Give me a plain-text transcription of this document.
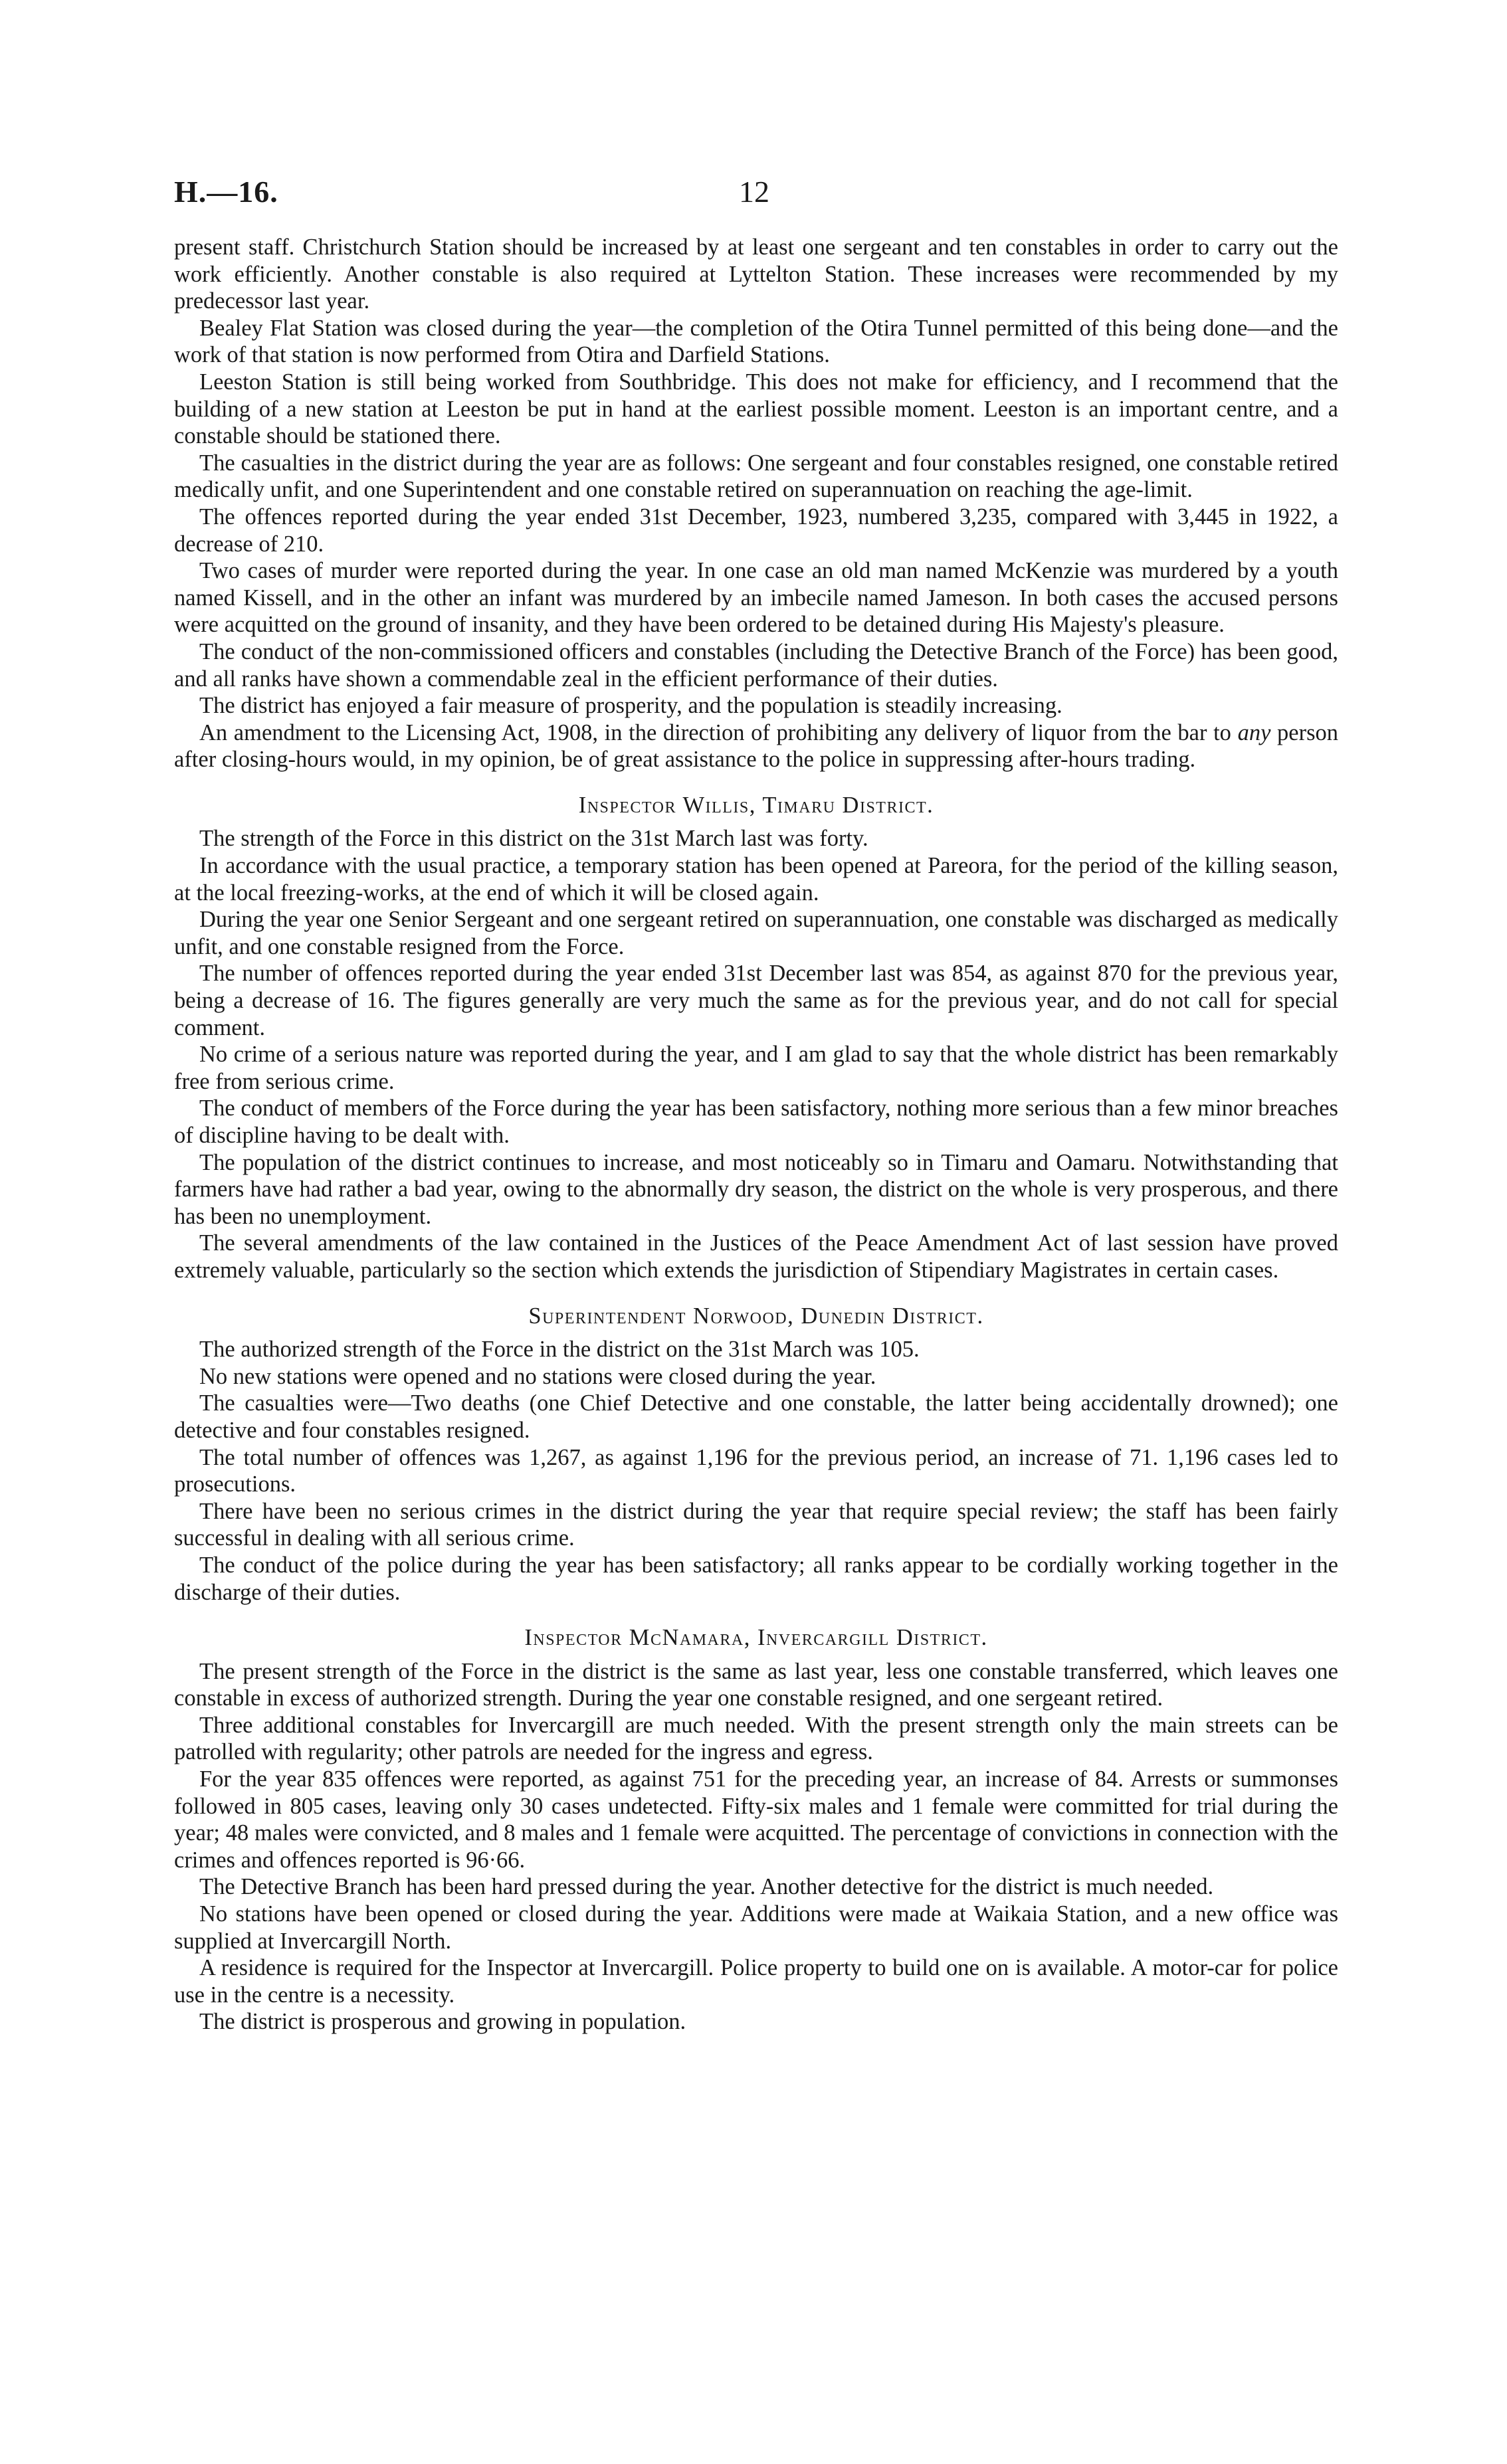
H.—16.	12

present staff. Christchurch Station should be increased by at least one sergeant and ten constables in order to carry out the work efficiently. Another constable is also required at Lyttelton Station. These increases were recommended by my predecessor last year.

Bealey Flat Station was closed during the year—the completion of the Otira Tunnel permitted of this being done—and the work of that station is now performed from Otira and Darfield Stations.

Leeston Station is still being worked from Southbridge. This does not make for efficiency, and I recommend that the building of a new station at Leeston be put in hand at the earliest possible moment. Leeston is an important centre, and a constable should be stationed there.

The casualties in the district during the year are as follows: One sergeant and four constables resigned, one constable retired medically unfit, and one Superintendent and one constable retired on superannuation on reaching the age-limit.

The offences reported during the year ended 31st December, 1923, numbered 3,235, compared with 3,445 in 1922, a decrease of 210.

Two cases of murder were reported during the year. In one case an old man named McKenzie was murdered by a youth named Kissell, and in the other an infant was murdered by an imbecile named Jameson. In both cases the accused persons were acquitted on the ground of insanity, and they have been ordered to be detained during His Majesty's pleasure.

The conduct of the non-commissioned officers and constables (including the Detective Branch of the Force) has been good, and all ranks have shown a commendable zeal in the efficient performance of their duties.

The district has enjoyed a fair measure of prosperity, and the population is steadily increasing.

An amendment to the Licensing Act, 1908, in the direction of prohibiting any delivery of liquor from the bar to any person after closing-hours would, in my opinion, be of great assistance to the police in suppressing after-hours trading.

Inspector Willis, Timaru District.

The strength of the Force in this district on the 31st March last was forty.

In accordance with the usual practice, a temporary station has been opened at Pareora, for the period of the killing season, at the local freezing-works, at the end of which it will be closed again.

During the year one Senior Sergeant and one sergeant retired on superannuation, one constable was discharged as medically unfit, and one constable resigned from the Force.

The number of offences reported during the year ended 31st December last was 854, as against 870 for the previous year, being a decrease of 16. The figures generally are very much the same as for the previous year, and do not call for special comment.

No crime of a serious nature was reported during the year, and I am glad to say that the whole district has been remarkably free from serious crime.

The conduct of members of the Force during the year has been satisfactory, nothing more serious than a few minor breaches of discipline having to be dealt with.

The population of the district continues to increase, and most noticeably so in Timaru and Oamaru. Notwithstanding that farmers have had rather a bad year, owing to the abnormally dry season, the district on the whole is very prosperous, and there has been no unemployment.

The several amendments of the law contained in the Justices of the Peace Amendment Act of last session have proved extremely valuable, particularly so the section which extends the jurisdiction of Stipendiary Magistrates in certain cases.

Superintendent Norwood, Dunedin District.

The authorized strength of the Force in the district on the 31st March was 105.

No new stations were opened and no stations were closed during the year.

The casualties were—Two deaths (one Chief Detective and one constable, the latter being accidentally drowned); one detective and four constables resigned.

The total number of offences was 1,267, as against 1,196 for the previous period, an increase of 71. 1,196 cases led to prosecutions.

There have been no serious crimes in the district during the year that require special review; the staff has been fairly successful in dealing with all serious crime.

The conduct of the police during the year has been satisfactory; all ranks appear to be cordially working together in the discharge of their duties.

Inspector McNamara, Invercargill District.

The present strength of the Force in the district is the same as last year, less one constable transferred, which leaves one constable in excess of authorized strength. During the year one constable resigned, and one sergeant retired.

Three additional constables for Invercargill are much needed. With the present strength only the main streets can be patrolled with regularity; other patrols are needed for the ingress and egress.

For the year 835 offences were reported, as against 751 for the preceding year, an increase of 84. Arrests or summonses followed in 805 cases, leaving only 30 cases undetected. Fifty-six males and 1 female were committed for trial during the year; 48 males were convicted, and 8 males and 1 female were acquitted. The percentage of convictions in connection with the crimes and offences reported is 96·66.

The Detective Branch has been hard pressed during the year. Another detective for the district is much needed.

No stations have been opened or closed during the year. Additions were made at Waikaia Station, and a new office was supplied at Invercargill North.

A residence is required for the Inspector at Invercargill. Police property to build one on is available. A motor-car for police use in the centre is a necessity.

The district is prosperous and growing in population.
